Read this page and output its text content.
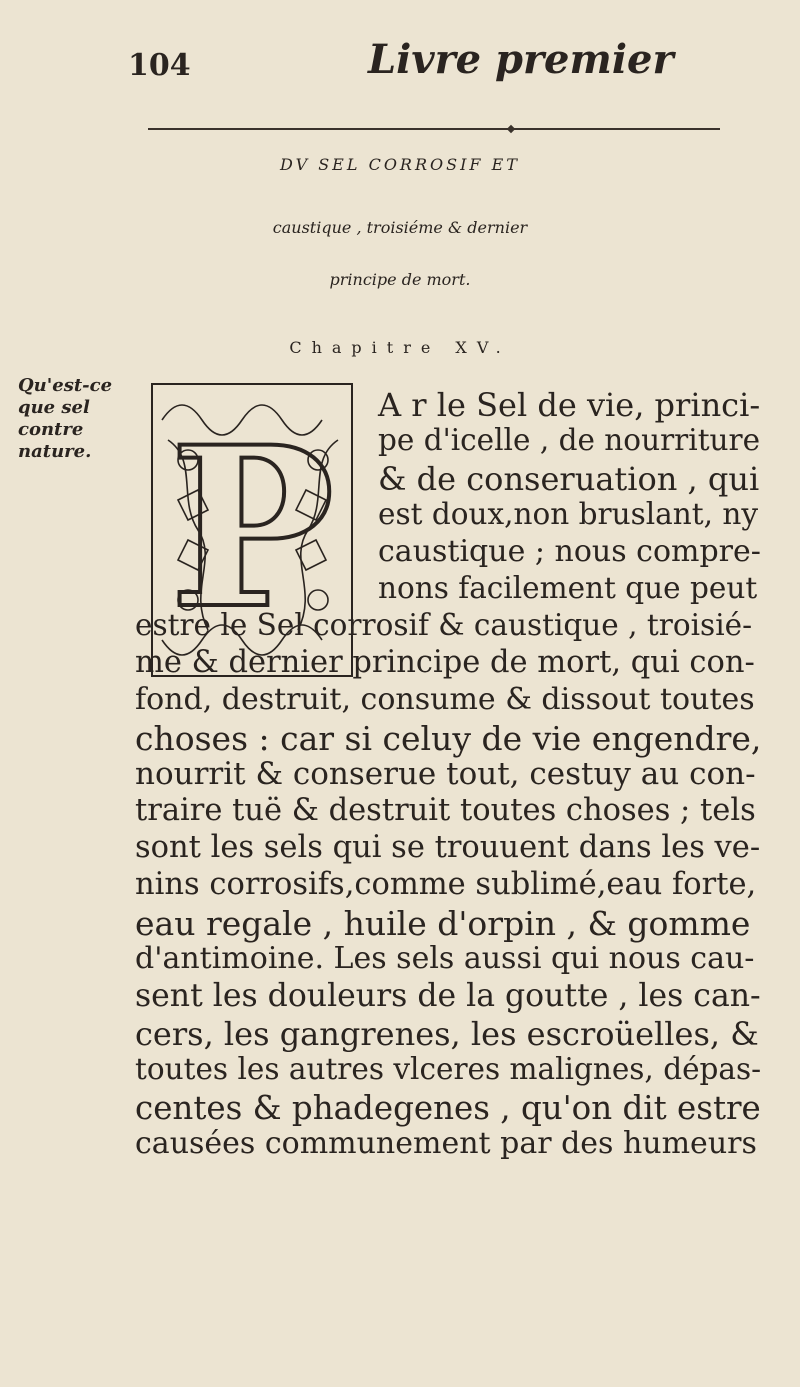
104	Livre premier
DV SEL CORROSIF ET
caustique , troisiéme & dernier
principe de mort.
Chapitre XV.
Qu'est-ce que sel contre nature. P A r le Sel de vie, princi-
pe d'icelle , de nourriture
& de conseruation , qui
est doux,non bruslant, ny
caustique ; nous compre-
nons facilement que peut
estre le Sel corrosif & caustique , troisié-
me & dernier principe de mort, qui con-
fond, destruit, consume & dissout toutes
choses : car si celuy de vie engendre,
nourrit & conserue tout, cestuy au con-
traire tuë & destruit toutes choses ; tels
sont les sels qui se trouuent dans les ve-
nins corrosifs,comme sublimé,eau forte,
eau regale , huile d'orpin , & gomme
d'antimoine. Les sels aussi qui nous cau-
sent les douleurs de la goutte , les can-
cers, les gangrenes, les escroüelles, &
toutes les autres vlceres malignes, dépas-
centes & phadegenes , qu'on dit estre
causées communement par des humeurs
